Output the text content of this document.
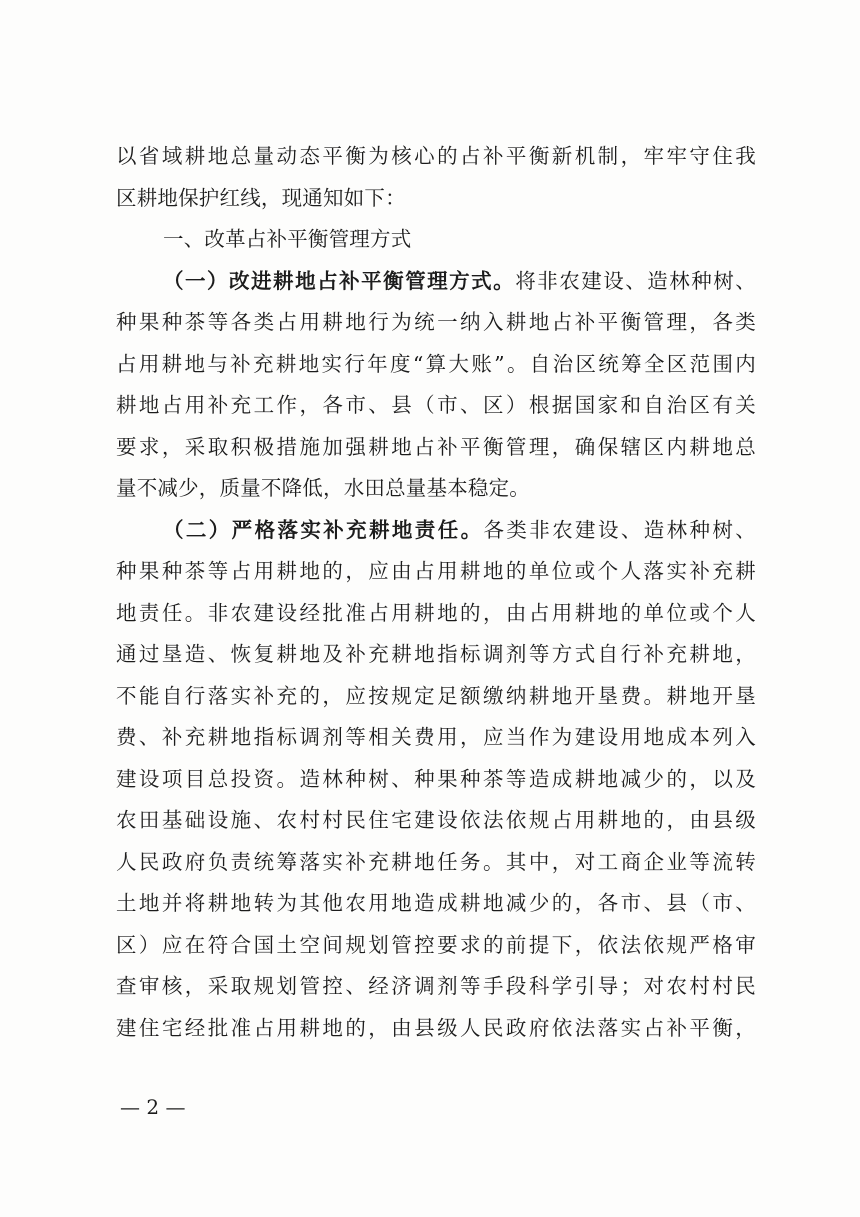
以省域耕地总量动态平衡为核心的占补平衡新机制，牢牢守住我
区耕地保护红线，现通知如下：
一、改革占补平衡管理方式
（一）改进耕地占补平衡管理方式。将非农建设、造林种树、
种果种茶等各类占用耕地行为统一纳入耕地占补平衡管理，各类
占用耕地与补充耕地实行年度“算大账”。自治区统筹全区范围内
耕地占用补充工作，各市、县（市、区）根据国家和自治区有关
要求，采取积极措施加强耕地占补平衡管理，确保辖区内耕地总
量不减少，质量不降低，水田总量基本稳定。
（二）严格落实补充耕地责任。各类非农建设、造林种树、
种果种茶等占用耕地的，应由占用耕地的单位或个人落实补充耕
地责任。非农建设经批准占用耕地的，由占用耕地的单位或个人
通过垦造、恢复耕地及补充耕地指标调剂等方式自行补充耕地，
不能自行落实补充的，应按规定足额缴纳耕地开垦费。耕地开垦
费、补充耕地指标调剂等相关费用，应当作为建设用地成本列入
建设项目总投资。造林种树、种果种茶等造成耕地减少的，以及
农田基础设施、农村村民住宅建设依法依规占用耕地的，由县级
人民政府负责统筹落实补充耕地任务。其中，对工商企业等流转
土地并将耕地转为其他农用地造成耕地减少的，各市、县（市、
区）应在符合国土空间规划管控要求的前提下，依法依规严格审
查审核，采取规划管控、经济调剂等手段科学引导；对农村村民
建住宅经批准占用耕地的，由县级人民政府依法落实占补平衡，
— 2 —
